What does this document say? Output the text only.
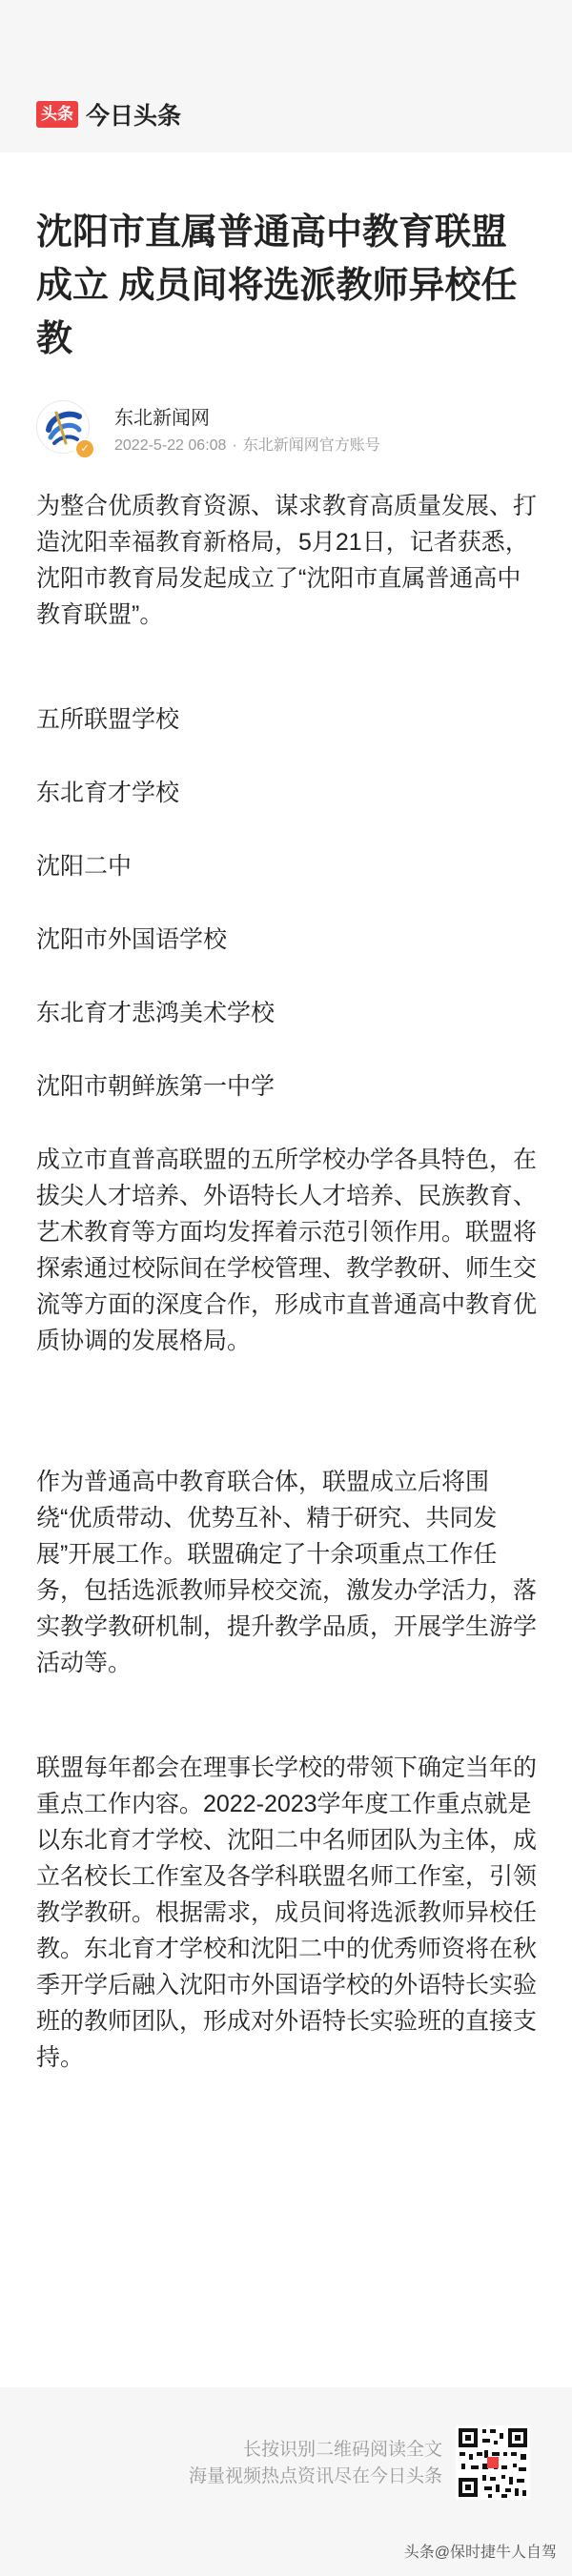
头条 今日头条
沈阳市直属普通高中教育联盟成立 成员间将选派教师异校任教
✓
东北新闻网
2022-5-22 06:08 · 东北新闻网官方账号

为整合优质教育资源、谋求教育高质量发展、打造沈阳幸福教育新格局，5月21日，记者获悉，沈阳市教育局发起成立了“沈阳市直属普通高中教育联盟”。

五所联盟学校

东北育才学校

沈阳二中

沈阳市外国语学校

东北育才悲鸿美术学校

沈阳市朝鲜族第一中学

成立市直普高联盟的五所学校办学各具特色，在拔尖人才培养、外语特长人才培养、民族教育、艺术教育等方面均发挥着示范引领作用。联盟将探索通过校际间在学校管理、教学教研、师生交流等方面的深度合作，形成市直普通高中教育优质协调的发展格局。

作为普通高中教育联合体，联盟成立后将围绕“优质带动、优势互补、精于研究、共同发展”开展工作。联盟确定了十余项重点工作任务，包括选派教师异校交流，激发办学活力，落实教学教研机制，提升教学品质，开展学生游学活动等。

联盟每年都会在理事长学校的带领下确定当年的重点工作内容。2022-2023学年度工作重点就是以东北育才学校、沈阳二中名师团队为主体，成立名校长工作室及各学科联盟名师工作室，引领教学教研。根据需求，成员间将选派教师异校任教。东北育才学校和沈阳二中的优秀师资将在秋季开学后融入沈阳市外国语学校的外语特长实验班的教师团队，形成对外语特长实验班的直接支持。

长按识别二维码阅读全文
海量视频热点资讯尽在今日头条
头条@保时捷牛人自驾
